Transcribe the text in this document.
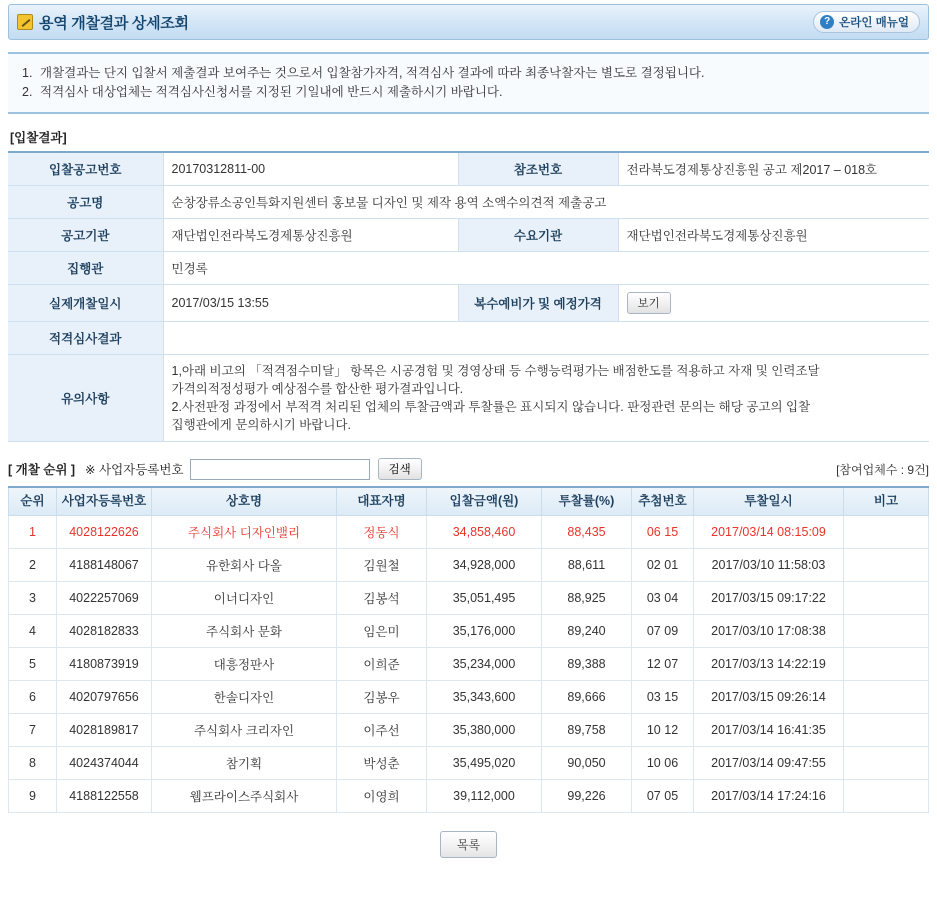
용역 개찰결과 상세조회	? 온라인 매뉴얼
1. 개찰결과는 단지 입찰서 제출결과 보여주는 것으로서 입찰참가자격, 적격심사 결과에 따라 최종낙찰자는 별도로 결정됩니다.
2. 적격심사 대상업체는 적격심사신청서를 지정된 기일내에 반드시 제출하시기 바랍니다.
[입찰결과]
입찰공고번호	20170312811-00	참조번호	전라북도경제통상진흥원 공고 제2017 – 018호
공고명	순창장류소공인특화지원센터 홍보물 디자인 및 제작 용역 소액수의견적 제출공고		
공고기관	재단법인전라북도경제통상진흥원	수요기관	재단법인전라북도경제통상진흥원
집행관	민경록		
실제개찰일시	2017/03/15 13:55	복수예비가 및 예정가격	보기
적격심사결과			
유의사항	1,아래 비고의 「적격점수미달」 항목은 시공경험 및 경영상태 등 수행능력평가는 배점한도를 적용하고 자재 및 인력조달
가격의적정성평가 예상점수를 합산한 평가결과입니다.
2.사전판정 과정에서 부적격 처리된 업체의 투찰금액과 투찰률은 표시되지 않습니다. 판정관련 문의는 해당 공고의 입찰
집행관에게 문의하시기 바랍니다.		
[ 개찰 순위 ] ※ 사업자등록번호	검색	[참여업체수 : 9건]
순위	사업자등록번호	상호명	대표자명	입찰금액(원)	투찰률(%)	추첨번호	투찰일시	비고
1	4028122626	주식회사 디자인밸리	정동식	34,858,460	88,435	06 15	2017/03/14 08:15:09	
2	4188148067	유한회사 다올	김원철	34,928,000	88,611	02 01	2017/03/10 11:58:03	
3	4022257069	이너디자인	김봉석	35,051,495	88,925	03 04	2017/03/15 09:17:22	
4	4028182833	주식회사 문화	임은미	35,176,000	89,240	07 09	2017/03/10 17:08:38	
5	4180873919	대흥정판사	이희준	35,234,000	89,388	12 07	2017/03/13 14:22:19	
6	4020797656	한솔디자인	김봉우	35,343,600	89,666	03 15	2017/03/15 09:26:14	
7	4028189817	주식회사 크리자인	이주선	35,380,000	89,758	10 12	2017/03/14 16:41:35	
8	4024374044	참기획	박성춘	35,495,020	90,050	10 06	2017/03/14 09:47:55	
9	4188122558	웹프라이스주식회사	이영희	39,112,000	99,226	07 05	2017/03/14 17:24:16	
목록
